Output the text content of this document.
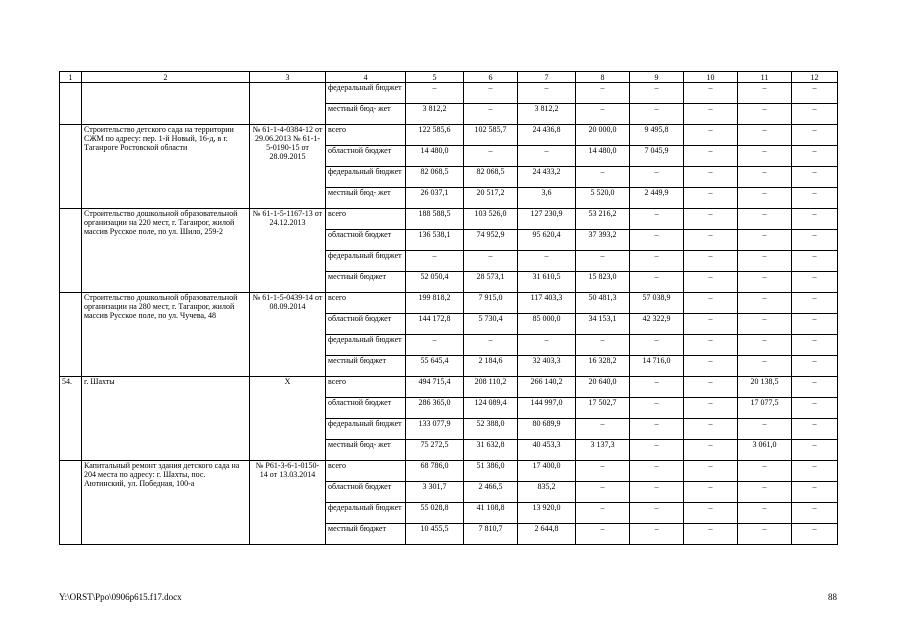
1	2	3	4	5	6	7	8	9	10	11	12
			федеральный бюджет	–	–	–	–	–	–	–	–
			местный бюд- жет	3 812,2	–	3 812,2	–	–	–	–	–
	Строительство детского сада на территории СЖМ по адресу: пер. 1-й Новый, 16-д, в г. Таганроге Ростовской области	№ 61-1-4-0384-12 от 29.06.2013 № 61-1-5-0190-15 от 28.09.2015	всего	122 585,6	102 585,7	24 436,8	20 000,0	9 495,8	–	–	–
			областной бюджет	14 480,0	–	–	14 480,0	7 045,9	–	–	–
			федеральный бюджет	82 068,5	82 068,5	24 433,2	–	–	–	–	–
			местный бюд- жет	26 037,1	20 517,2	3,6	5 520,0	2 449,9	–	–	–
	Строительство дошкольной образовательной организации на 220 мест, г. Таганрог, жилой массив Русское поле, по ул. Шило, 259-2	№ 61-1-5-1167-13 от 24.12.2013	всего	188 588,5	103 526,0	127 230,9	53 216,2	–	–	–	–
			областной бюджет	136 538,1	74 952,9	95 620,4	37 393,2	–	–	–	–
			федеральный бюджет	–	–	–	–	–	–	–	–
			местный бюджет	52 050,4	28 573,1	31 610,5	15 823,0	–	–	–	–
	Строительство дошкольной образовательной организации на 280 мест, г. Таганрог, жилой массив Русское поле, по ул. Чучева, 48	№ 61-1-5-0439-14 от 08.09.2014	всего	199 818,2	7 915,0	117 403,3	50 481,3	57 038,9	–	–	–
			областной бюджет	144 172,8	5 730,4	85 000,0	34 153,1	42 322,9	–	–	–
			федеральный бюджет	–	–	–	–	–	–	–	–
			местный бюджет	55 645,4	2 184,6	32 403,3	16 328,2	14 716,0	–	–	–
54.	г. Шахты	Х	всего	494 715,4	208 110,2	266 140,2	20 640,0	–	–	20 138,5	–
			областной бюджет	286 365,0	124 089,4	144 997,0	17 502,7	–	–	17 077,5	–
			федеральный бюджет	133 077,9	52 388,0	80 689,9	–	–	–	–	–
			местный бюд- жет	75 272,5	31 632,8	40 453,3	3 137,3	–	–	3 061,0	–
	Капитальный ремонт здания детского сада на 204 места по адресу: г. Шахты, пос. Аютинский, ул. Победная, 100-а	№ Р61-3-6-1-0150-14 от 13.03.2014	всего	68 786,0	51 386,0	17 400,0	–	–	–	–	–
			областной бюджет	3 301,7	2 466,5	835,2	–	–	–	–	–
			федеральный бюджет	55 028,8	41 108,8	13 920,0	–	–	–	–	–
			местный бюджет	10 455,5	7 810,7	2 644,8	–	–	–	–	–
Y:\ORST\Ppo\0906p615.f17.docx	88
